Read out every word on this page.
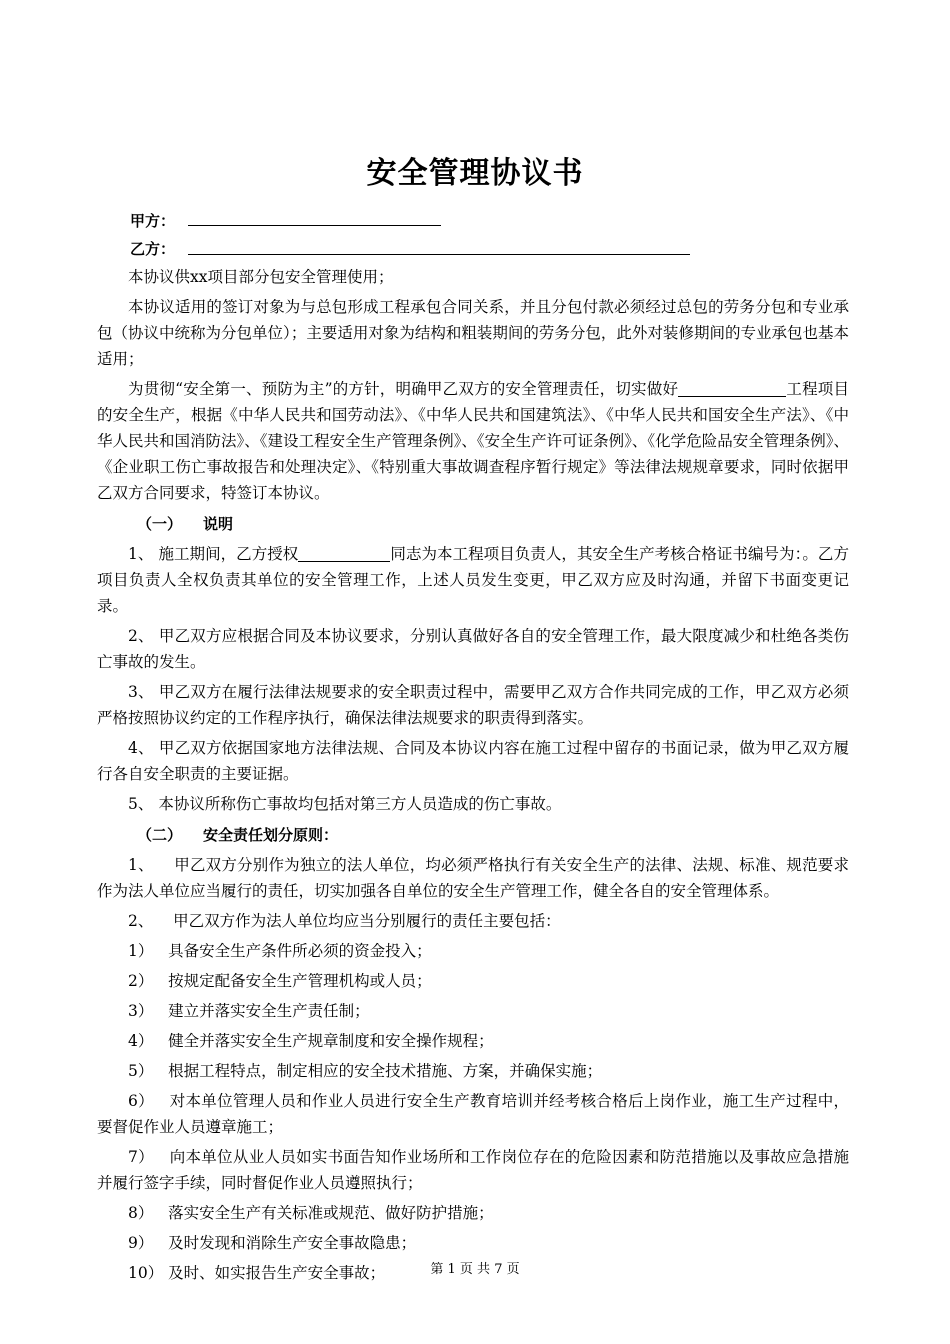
安全管理协议书
甲方：
乙方：

本协议供xx项目部分包安全管理使用；

本协议适用的签订对象为与总包形成工程承包合同关系，并且分包付款必须经过总包的劳务分包和专业承包（协议中统称为分包单位）；主要适用对象为结构和粗装期间的劳务分包，此外对装修期间的专业承包也基本适用；

为贯彻“安全第一、预防为主”的方针，明确甲乙双方的安全管理责任，切实做好	工程项目的安全生产，根据《中华人民共和国劳动法》、《中华人民共和国建筑法》、《中华人民共和国安全生产法》、《中华人民共和国消防法》、《建设工程安全生产管理条例》、《安全生产许可证条例》、《化学危险品安全管理条例》、《企业职工伤亡事故报告和处理决定》、《特别重大事故调查程序暂行规定》等法律法规规章要求，同时依据甲乙双方合同要求，特签订本协议。

（一） 说明

1、 施工期间，乙方授权	同志为本工程项目负责人，其安全生产考核合格证书编号为：。乙方项目负责人全权负责其单位的安全管理工作，上述人员发生变更，甲乙双方应及时沟通，并留下书面变更记录。

2、 甲乙双方应根据合同及本协议要求，分别认真做好各自的安全管理工作，最大限度减少和杜绝各类伤亡事故的发生。

3、 甲乙双方在履行法律法规要求的安全职责过程中，需要甲乙双方合作共同完成的工作，甲乙双方必须严格按照协议约定的工作程序执行，确保法律法规要求的职责得到落实。

4、 甲乙双方依据国家地方法律法规、合同及本协议内容在施工过程中留存的书面记录，做为甲乙双方履行各自安全职责的主要证据。

5、 本协议所称伤亡事故均包括对第三方人员造成的伤亡事故。

（二） 安全责任划分原则：

1、 甲乙双方分别作为独立的法人单位，均必须严格执行有关安全生产的法律、法规、标准、规范要求作为法人单位应当履行的责任，切实加强各自单位的安全生产管理工作，健全各自的安全管理体系。

2、 甲乙双方作为法人单位均应当分别履行的责任主要包括：

1） 具备安全生产条件所必须的资金投入；

2） 按规定配备安全生产管理机构或人员；

3） 建立并落实安全生产责任制；

4） 健全并落实安全生产规章制度和安全操作规程；

5） 根据工程特点，制定相应的安全技术措施、方案，并确保实施；

6） 对本单位管理人员和作业人员进行安全生产教育培训并经考核合格后上岗作业，施工生产过程中，要督促作业人员遵章施工；

7） 向本单位从业人员如实书面告知作业场所和工作岗位存在的危险因素和防范措施以及事故应急措施并履行签字手续，同时督促作业人员遵照执行；

8） 落实安全生产有关标准或规范、做好防护措施；

9） 及时发现和消除生产安全事故隐患；

10） 及时、如实报告生产安全事故；	第 1 页 共 7 页
